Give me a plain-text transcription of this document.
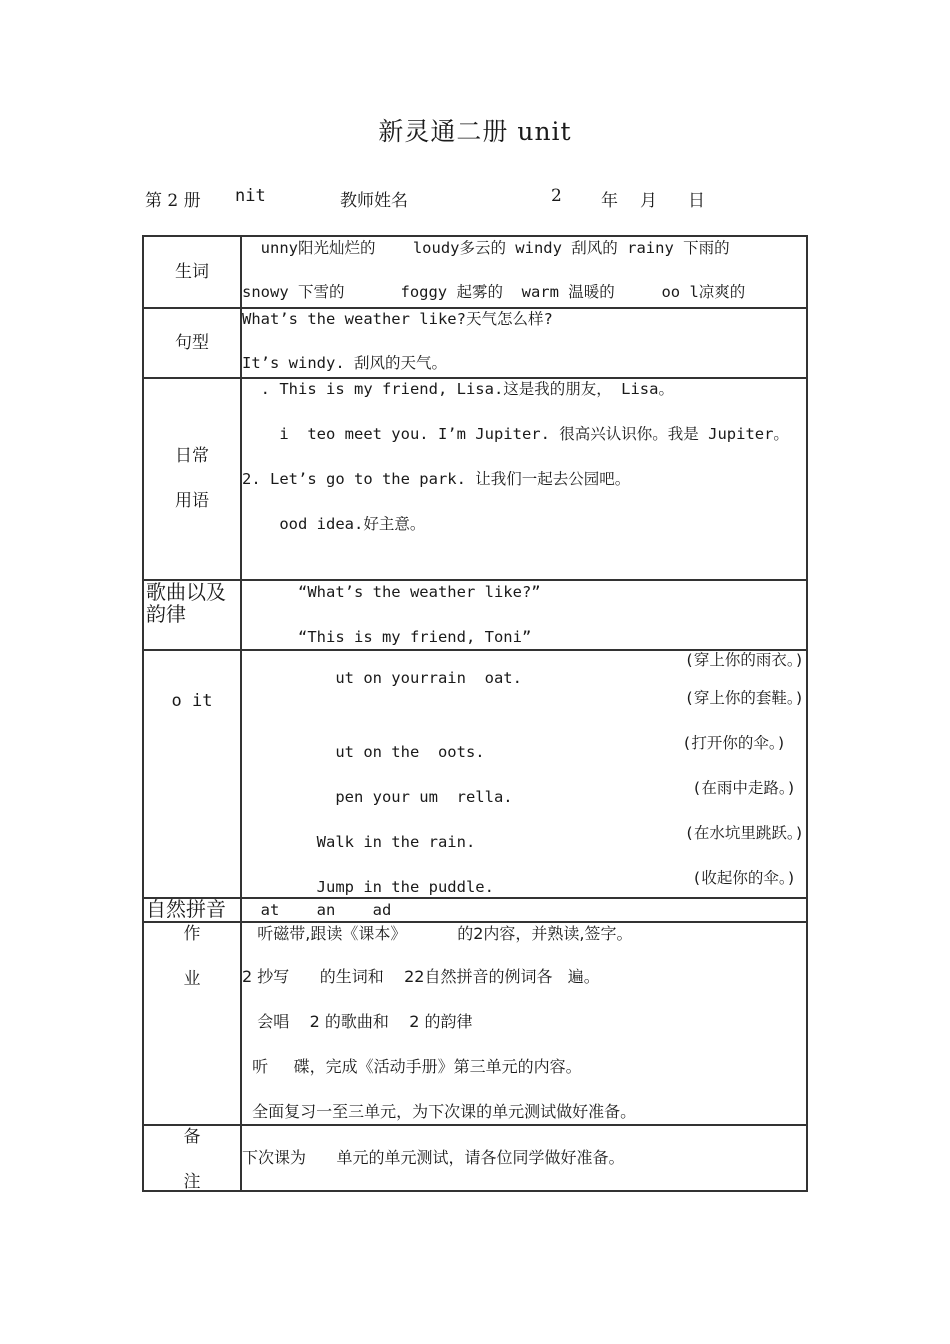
新灵通二册 unit
第 2 册 nit	教师姓名	2 年 月 日
生词
unny阳光灿烂的    loudy多云的 windy 刮风的 rainy 下雨的
snowy 下雪的      foggy 起雾的  warm 温暖的     oo l凉爽的
句型
What’s the weather like?天气怎么样?
It’s windy. 刮风的天气。
日常
用语
. This is my friend, Lisa.这是我的朋友， Lisa。
i  teo meet you. I’m Jupiter. 很高兴认识你。我是 Jupiter。
2. Let’s go to the park. 让我们一起去公园吧。
ood idea.好主意。
歌曲以及
韵律
“What’s the weather like?”
“This is my friend, Toni”
o it

ut on yourrain  oat.

(穿上你的雨衣。)

ut on the  oots.

(穿上你的套鞋。)

pen your um  rella.

(打开你的伞。)

Walk in the rain.

(在雨中走路。)

Jump in the puddle.

(在水坑里跳跃。)

(收起你的伞。)

自然拼音 at    an    ad
作
业
听磁带,跟读《课本》          的2内容，并熟读,签字。
2 抄写      的生词和    22自然拼音的例词各   遍。
会唱    2 的歌曲和    2 的韵律
听     碟，完成《活动手册》第三单元的内容。
全面复习一至三单元，为下次课的单元测试做好准备。
备
注
下次课为      单元的单元测试，请各位同学做好准备。
